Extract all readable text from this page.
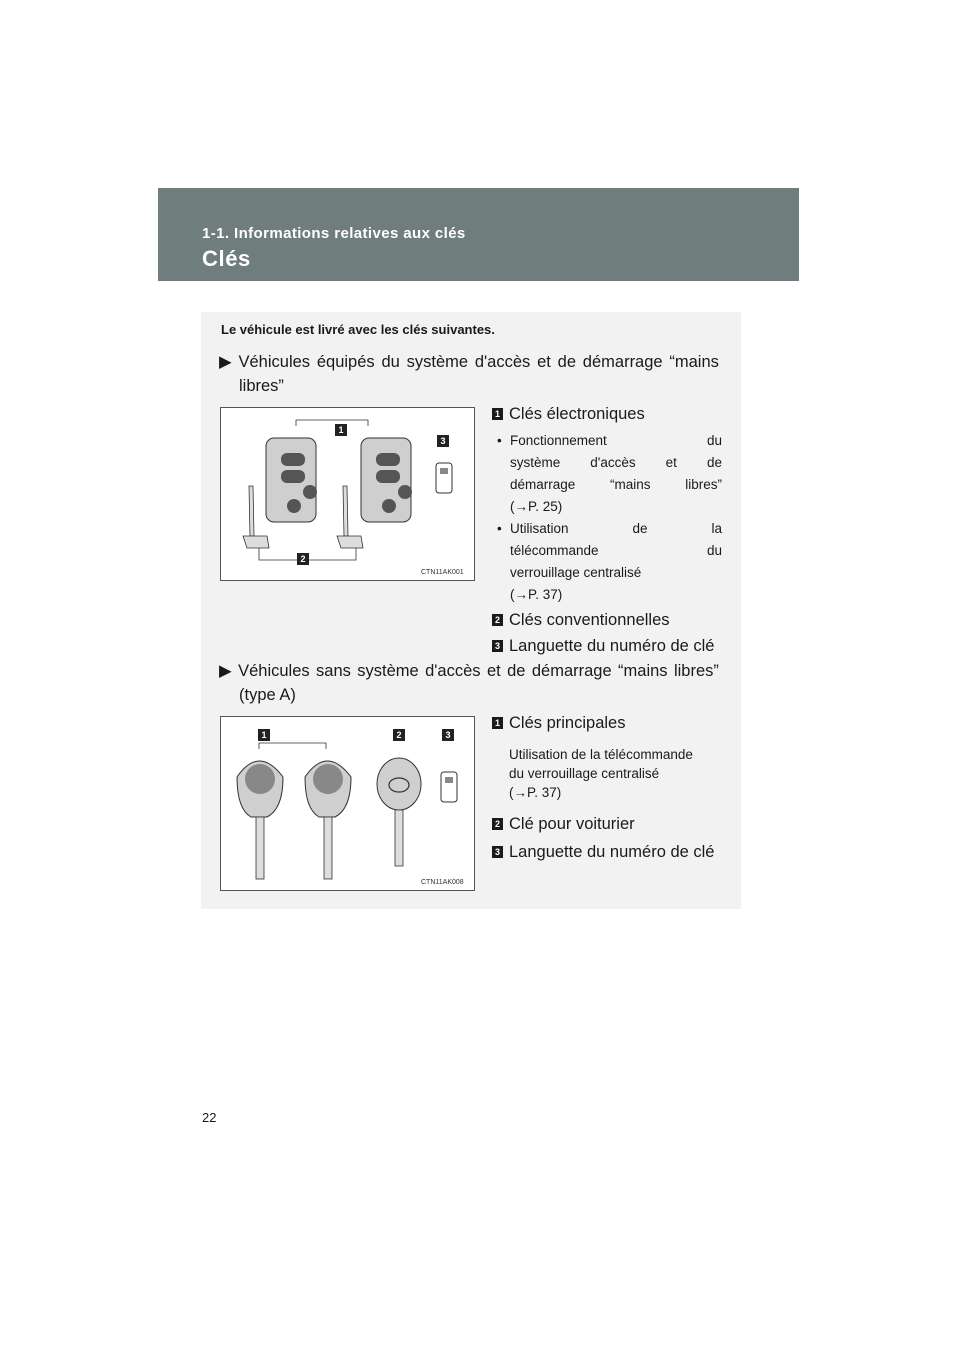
1-1. Informations relatives aux clés
Clés
Le véhicule est livré avec les clés suivantes.
▶ Véhicules équipés du système d'accès et de démarrage “mains
libres”
1
3
2
CTN11AK001
1 Clés électroniques
• Fonctionnement	du
système d'accès et de
démarrage	“mains	libres”
(→P. 25)
• Utilisation	de	la
télécommande	du
verrouillage centralisé
(→P. 37)
2 Clés conventionnelles
3 Languette du numéro de clé
▶ Véhicules sans système d'accès et de démarrage “mains libres”
(type A)
1	2	3
CTN11AK008
1 Clés principales
Utilisation de la télécommande
du verrouillage centralisé
(→P. 37)
2 Clé pour voiturier
3 Languette du numéro de clé
22
